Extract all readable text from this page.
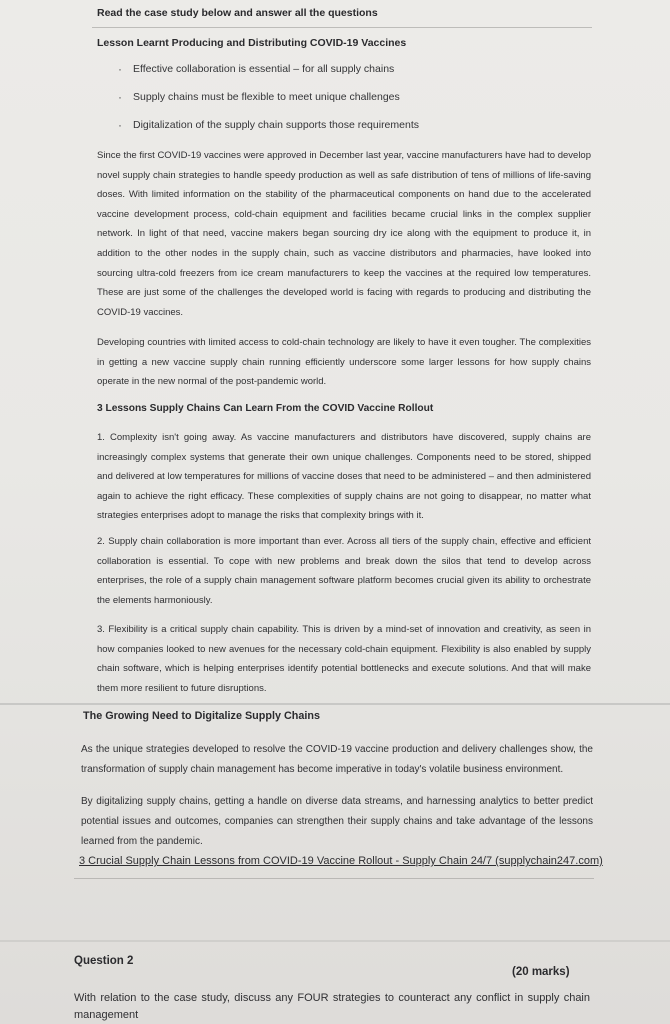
Read the case study below and answer all the questions
Lesson Learnt Producing and Distributing COVID-19 Vaccines
· Effective collaboration is essential – for all supply chains
· Supply chains must be flexible to meet unique challenges
· Digitalization of the supply chain supports those requirements

Since the first COVID-19 vaccines were approved in December last year, vaccine manufacturers have had to develop novel supply chain strategies to handle speedy production as well as safe distribution of tens of millions of life-saving doses. With limited information on the stability of the pharmaceutical components on hand due to the accelerated vaccine development process, cold-chain equipment and facilities became crucial links in the complex supplier network. In light of that need, vaccine makers began sourcing dry ice along with the equipment to produce it, in addition to the other nodes in the supply chain, such as vaccine distributors and pharmacies, have looked into sourcing ultra-cold freezers from ice cream manufacturers to keep the vaccines at the required low temperatures. These are just some of the challenges the developed world is facing with regards to producing and distributing the COVID-19 vaccines.

Developing countries with limited access to cold-chain technology are likely to have it even tougher. The complexities in getting a new vaccine supply chain running efficiently underscore some larger lessons for how supply chains operate in the new normal of the post-pandemic world.

3 Lessons Supply Chains Can Learn From the COVID Vaccine Rollout

1. Complexity isn't going away. As vaccine manufacturers and distributors have discovered, supply chains are increasingly complex systems that generate their own unique challenges. Components need to be stored, shipped and delivered at low temperatures for millions of vaccine doses that need to be administered – and then administered again to achieve the right efficacy. These complexities of supply chains are not going to disappear, no matter what strategies enterprises adopt to manage the risks that complexity brings with it.

2. Supply chain collaboration is more important than ever. Across all tiers of the supply chain, effective and efficient collaboration is essential. To cope with new problems and break down the silos that tend to develop across enterprises, the role of a supply chain management software platform becomes crucial given its ability to orchestrate the elements harmoniously.

3. Flexibility is a critical supply chain capability. This is driven by a mind-set of innovation and creativity, as seen in how companies looked to new avenues for the necessary cold-chain equipment. Flexibility is also enabled by supply chain software, which is helping enterprises identify potential bottlenecks and execute solutions. And that will make them more resilient to future disruptions.

The Growing Need to Digitalize Supply Chains

As the unique strategies developed to resolve the COVID-19 vaccine production and delivery challenges show, the transformation of supply chain management has become imperative in today's volatile business environment.

By digitalizing supply chains, getting a handle on diverse data streams, and harnessing analytics to better predict potential issues and outcomes, companies can strengthen their supply chains and take advantage of the lessons learned from the pandemic.

3 Crucial Supply Chain Lessons from COVID-19 Vaccine Rollout - Supply Chain 24/7 (supplychain247.com)
Question 2
(20 marks)

With relation to the case study, discuss any FOUR strategies to counteract any conflict in supply chain management
